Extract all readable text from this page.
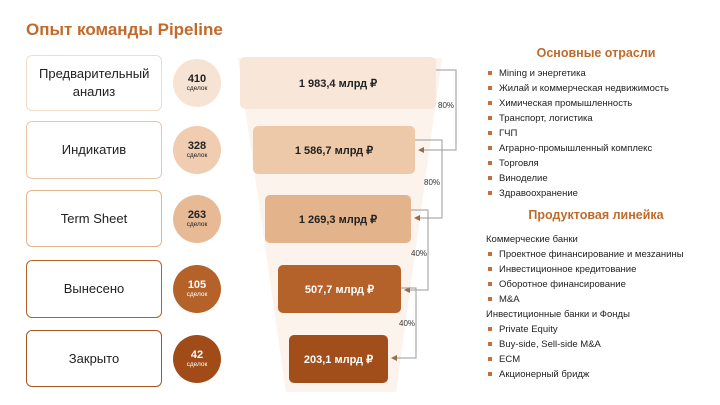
Опыт команды Pipeline
Предварительный анализ
Индикатив
Term Sheet
Вынесено
Закрыто
410
сделок
328
сделок
263
сделок
105
сделок
42
сделок
1 983,4 млрд ₽
1 586,7 млрд ₽
1 269,3 млрд ₽
507,7 млрд ₽
203,1 млрд ₽
80%
80%
40%
40%
Основные отрасли
Mining и энергетика
Жилай и коммерческая недвижимость
Химическая промышленность
Транспорт, логистика
ГЧП
Аграрно-промышленный комплекс
Торговля
Виноделие
Здравоохранение
Продуктовая линейка
Коммерческие банки
Проектное финансирование и мезzанины
Инвестиционное кредитование
Оборотное финансирование
M&A
Инвестиционные банки и Фонды
Private Equity
Buy-side, Sell-side M&A
ECM
Акционерный бридж	Avito
